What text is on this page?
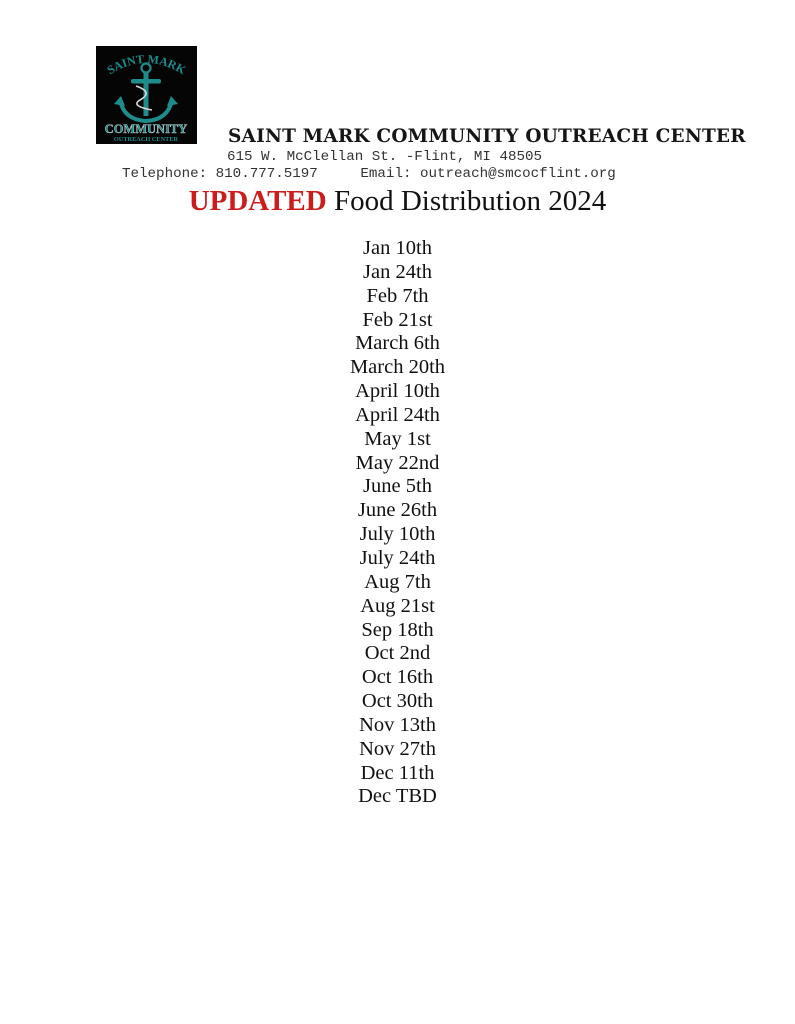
SAINT MARK
COMMUNITY
OUTREACH CENTER	SAINT MARK COMMUNITY OUTREACH CENTER
615 W. McClellan St. -Flint, MI 48505
Telephone: 810.777.5197     Email: outreach@smcocflint.org
UPDATED Food Distribution 2024
Jan 10th
Jan 24th
Feb 7th
Feb 21st
March 6th
March 20th
April 10th
April 24th
May 1st
May 22nd
June 5th
June 26th
July 10th
July 24th
Aug 7th
Aug 21st
Sep 18th
Oct 2nd
Oct 16th
Oct 30th
Nov 13th
Nov 27th
Dec 11th
Dec TBD
